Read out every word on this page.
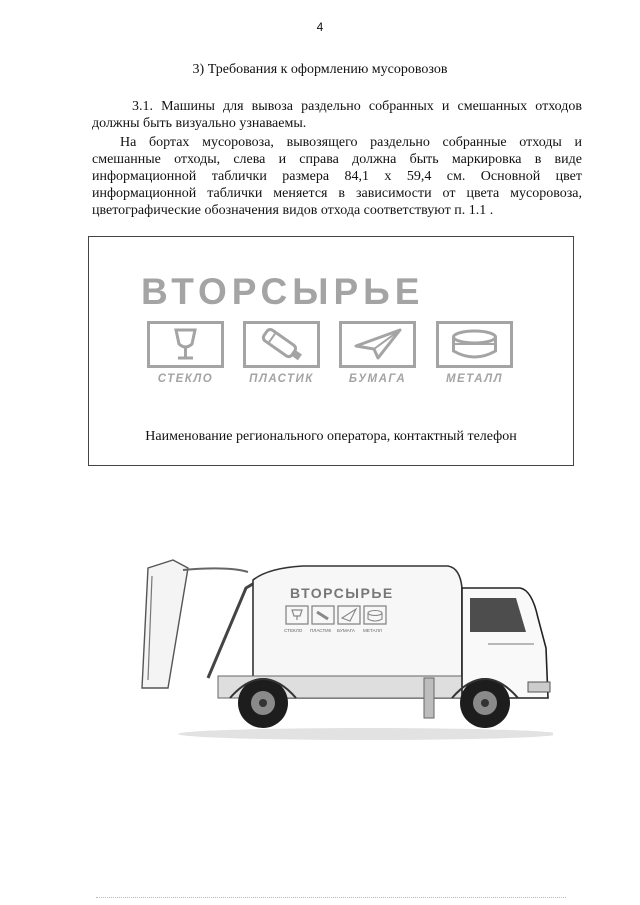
4
3) Требования к оформлению мусоровозов

3.1. Машины для вывоза раздельно собранных и смешанных отходов должны быть визуально узнаваемы.

На бортах мусоровоза, вывозящего раздельно собранные отходы и смешанные отходы, слева и справа должна быть маркировка в виде информационной таблички размера 84,1 х 59,4 см. Основной цвет информационной таблички меняется в зависимости от цвета мусоровоза, цветографические обозначения видов отхода соответствуют п. 1.1 .

ВТОРСЫРЬЕ
СТЕКЛО	ПЛАСТИК	БУМАГА	МЕТАЛЛ
Наименование регионального оператора, контактный телефон
ВТОРСЫРЬЕ
СТЕКЛО ПЛАСТИК БУМАГА МЕТАЛЛ
